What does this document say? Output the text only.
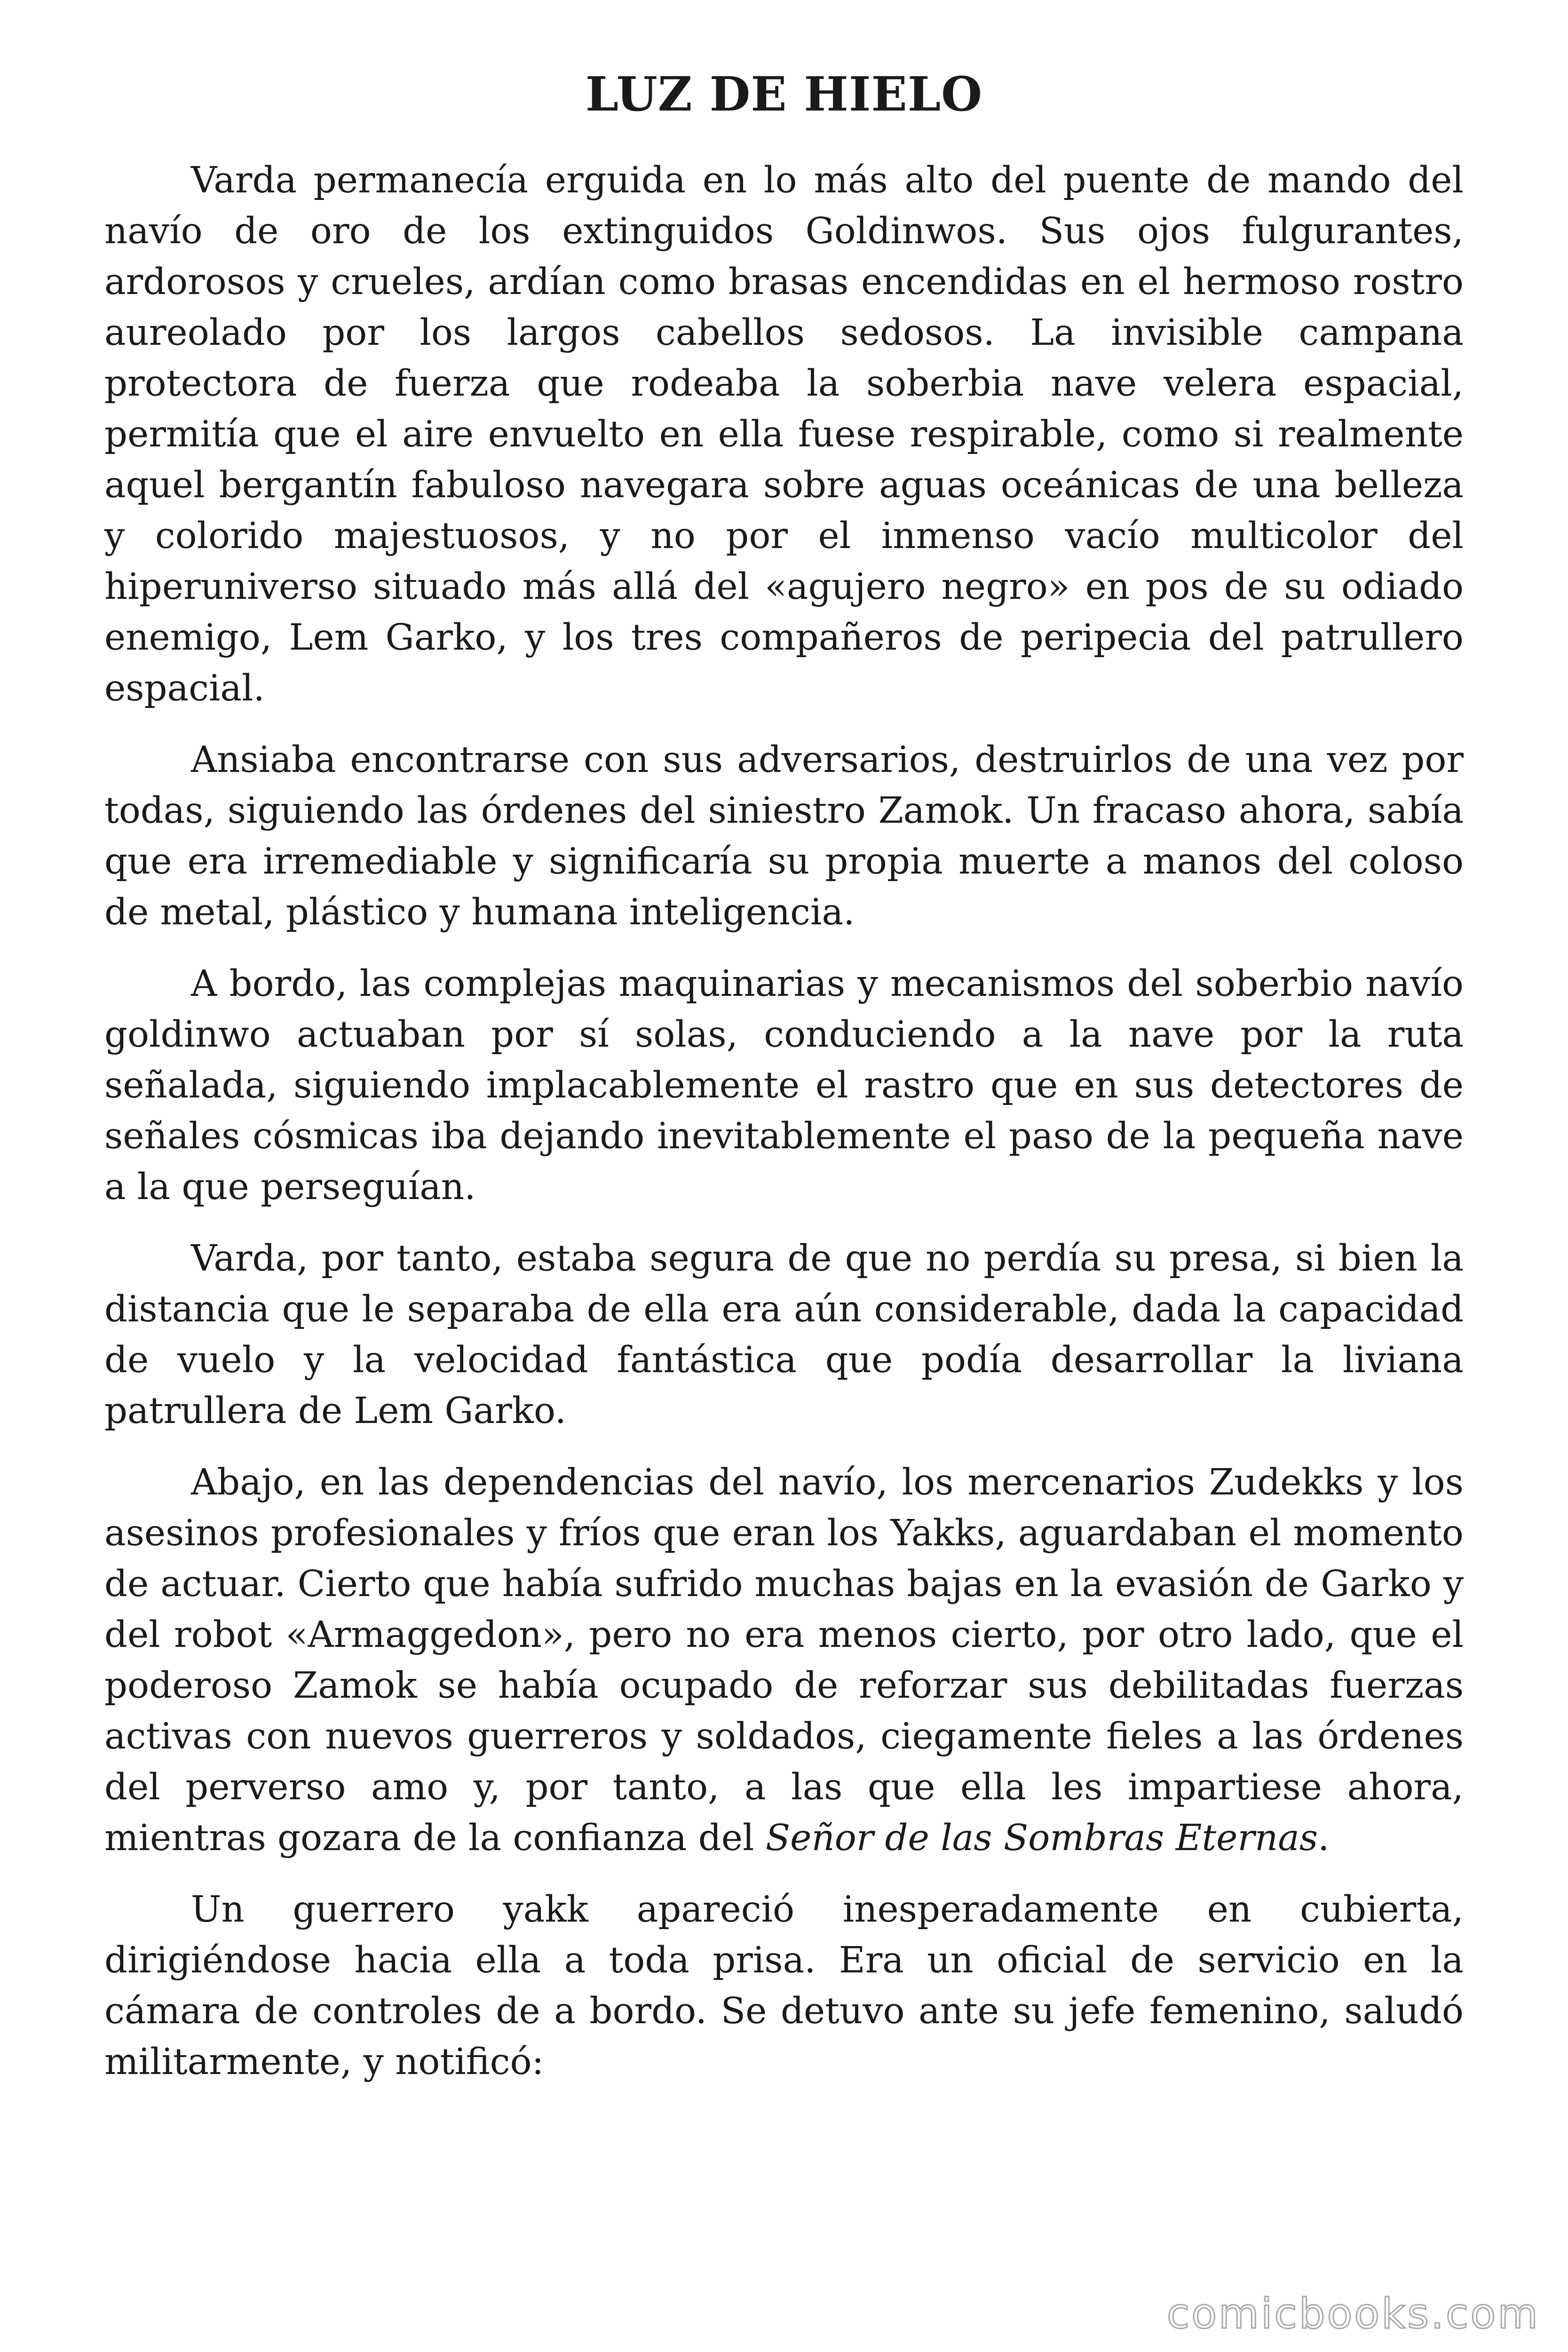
LUZ DE HIELO

Varda permanecía erguida en lo más alto del puente de mando del navío de oro de los extinguidos Goldinwos. Sus ojos fulgurantes, ardorosos y crueles, ardían como brasas encendidas en el hermoso rostro aureolado por los largos cabellos sedosos. La invisible campana protectora de fuerza que rodeaba la soberbia nave velera espacial, permitía que el aire envuelto en ella fuese respirable, como si realmente aquel bergantín fabuloso navegara sobre aguas oceánicas de una belleza y colorido majestuosos, y no por el inmenso vacío multicolor del hiperuniverso situado más allá del «agujero negro» en pos de su odiado enemigo, Lem Garko, y los tres compañeros de peripecia del patrullero espacial.

Ansiaba encontrarse con sus adversarios, destruirlos de una vez por todas, siguiendo las órdenes del siniestro Zamok. Un fracaso ahora, sabía que era irremediable y significaría su propia muerte a manos del coloso de metal, plástico y humana inteligencia.

A bordo, las complejas maquinarias y mecanismos del soberbio navío goldinwo actuaban por sí solas, conduciendo a la nave por la ruta señalada, siguiendo implacablemente el rastro que en sus detectores de señales cósmicas iba dejando inevitablemente el paso de la pequeña nave a la que perseguían.

Varda, por tanto, estaba segura de que no perdía su presa, si bien la distancia que le separaba de ella era aún considerable, dada la capacidad de vuelo y la velocidad fantástica que podía desarrollar la liviana patrullera de Lem Garko.

Abajo, en las dependencias del navío, los mercenarios Zudekks y los asesinos profesionales y fríos que eran los Yakks, aguardaban el momento de actuar. Cierto que había sufrido muchas bajas en la evasión de Garko y del robot «Armaggedon», pero no era menos cierto, por otro lado, que el poderoso Zamok se había ocupado de reforzar sus debilitadas fuerzas activas con nuevos guerreros y soldados, ciegamente fieles a las órdenes del perverso amo y, por tanto, a las que ella les impartiese ahora, mientras gozara de la confianza del Señor de las Sombras Eternas.

Un guerrero yakk apareció inesperadamente en cubierta, dirigiéndose hacia ella a toda prisa. Era un oficial de servicio en la cámara de controles de a bordo. Se detuvo ante su jefe femenino, saludó militarmente, y notificó:

comicbooks.com
